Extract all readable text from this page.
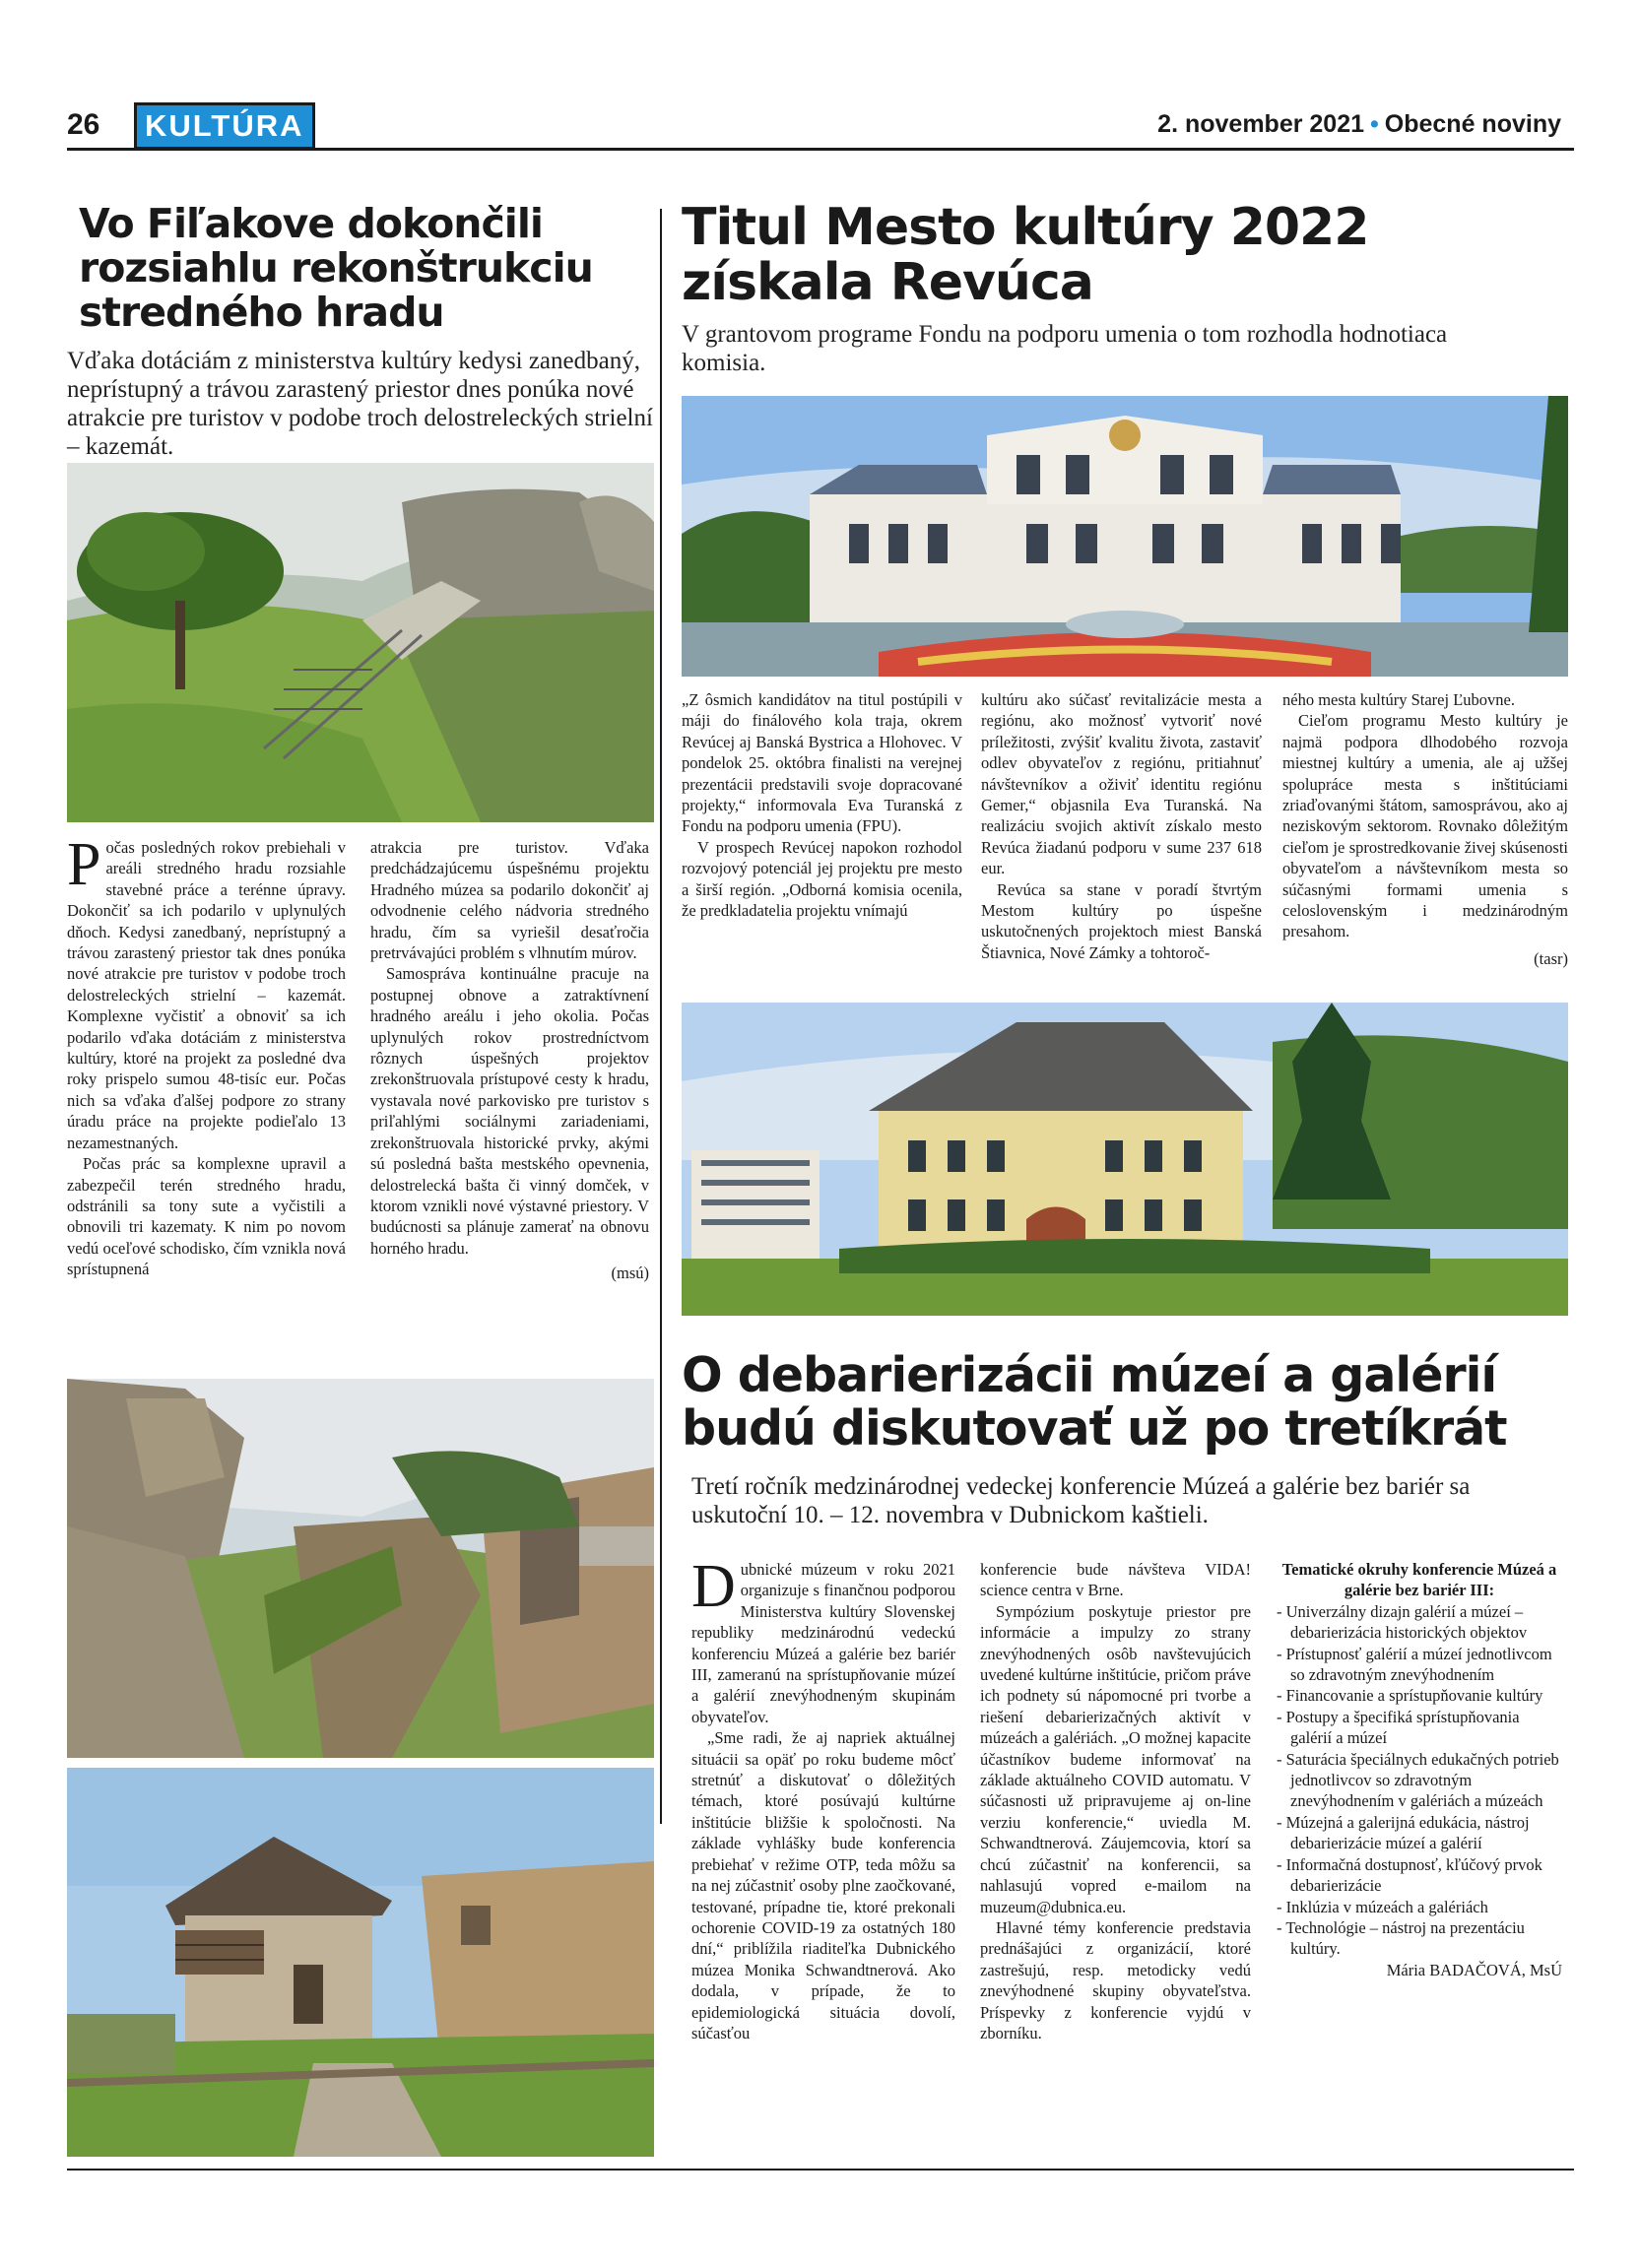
26	KULTÚRA	2. november 2021 • Obecné noviny
Vo Fiľakove dokončili rozsiahlu rekonštrukciu stredného hradu
Vďaka dotáciám z ministerstva kultúry kedysi zanedbaný, neprístupný a trávou zarastený priestor dnes ponúka nové atrakcie pre turistov v podobe troch delostreleckých strielní – kazemát.

Počas posledných rokov prebiehali v areáli stredného hradu rozsiahle stavebné práce a terénne úpravy. Dokončiť sa ich podarilo v uplynulých dňoch. Kedysi zanedbaný, neprístupný a trávou zarastený priestor tak dnes ponúka nové atrakcie pre turistov v podobe troch delostreleckých strielní – kazemát. Komplexne vyčistiť a obnoviť sa ich podarilo vďaka dotáciám z ministerstva kultúry, ktoré na projekt za posledné dva roky prispelo sumou 48-tisíc eur. Počas nich sa vďaka ďalšej podpore zo strany úradu práce na projekte podieľalo 13 nezamestnaných.

Počas prác sa komplexne upravil a zabezpečil terén stredného hradu, odstránili sa tony sute a vyčistili a obnovili tri kazematy. K nim po novom vedú oceľové schodisko, čím vznikla nová sprístupnená

atrakcia pre turistov. Vďaka predchádzajúcemu úspešnému projektu Hradného múzea sa podarilo dokončiť aj odvodnenie celého nádvoria stredného hradu, čím sa vyriešil desaťročia pretrvávajúci problém s vlhnutím múrov.

Samospráva kontinuálne pracuje na postupnej obnove a zatraktívnení hradného areálu i jeho okolia. Počas uplynulých rokov prostredníctvom rôznych úspešných projektov zrekonštruovala prístupové cesty k hradu, vystavala nové parkovisko pre turistov s priľahlými sociálnymi zariadeniami, zrekonštruovala historické prvky, akými sú posledná bašta mestského opevnenia, delostrelecká bašta či vinný domček, v ktorom vznikli nové výstavné priestory. V budúcnosti sa plánuje zamerať na obnovu horného hradu.

(msú)
Titul Mesto kultúry 2022 získala Revúca
V grantovom programe Fondu na podporu umenia o tom rozhodla hodnotiaca komisia.

„Z ôsmich kandidátov na titul postúpili v máji do finálového kola traja, okrem Revúcej aj Banská Bystrica a Hlohovec. V pondelok 25. októbra finalisti na verejnej prezentácii predstavili svoje dopracované projekty,“ informovala Eva Turanská z Fondu na podporu umenia (FPU).

V prospech Revúcej napokon rozhodol rozvojový potenciál jej projektu pre mesto a širší región. „Odborná komisia ocenila, že predkladatelia projektu vnímajú

kultúru ako súčasť revitalizácie mesta a regiónu, ako možnosť vytvoriť nové príležitosti, zvýšiť kvalitu života, zastaviť odlev obyvateľov z regiónu, pritiahnuť návštevníkov a oživiť identitu regiónu Gemer,“ objasnila Eva Turanská. Na realizáciu svojich aktivít získalo mesto Revúca žiadanú podporu v sume 237 618 eur.

Revúca sa stane v poradí štvrtým Mestom kultúry po úspešne uskutočnených projektoch miest Banská Štiavnica, Nové Zámky a tohtoroč-

ného mesta kultúry Starej Ľubovne.

Cieľom programu Mesto kultúry je najmä podpora dlhodobého rozvoja miestnej kultúry a umenia, ale aj užšej spolupráce mesta s inštitúciami zriaďovanými štátom, samosprávou, ako aj neziskovým sektorom. Rovnako dôležitým cieľom je sprostredkovanie živej skúsenosti obyvateľom a návštevníkom mesta so súčasnými formami umenia s celoslovenským i medzinárodným presahom.

(tasr)
O debarierizácii múzeí a galérií budú diskutovať už po tretíkrát
Tretí ročník medzinárodnej vedeckej konferencie Múzeá a galérie bez bariér sa uskutoční 10. – 12. novembra v Dubnickom kaštieli.

Dubnické múzeum v roku 2021 organizuje s finančnou podporou Ministerstva kultúry Slovenskej republiky medzinárodnú vedeckú konferenciu Múzeá a galérie bez bariér III, zameranú na sprístupňovanie múzeí a galérií znevýhodneným skupinám obyvateľov.

„Sme radi, že aj napriek aktuálnej situácii sa opäť po roku budeme môcť stretnúť a diskutovať o dôležitých témach, ktoré posúvajú kultúrne inštitúcie bližšie k spoločnosti. Na základe vyhlášky bude konferencia prebiehať v režime OTP, teda môžu sa na nej zúčastniť osoby plne zaočkované, testované, prípadne tie, ktoré prekonali ochorenie COVID-19 za ostatných 180 dní,“ priblížila riaditeľka Dubnického múzea Monika Schwandtnerová. Ako dodala, v prípade, že to epidemiologická situácia dovolí, súčasťou

konferencie bude návšteva VIDA! science centra v Brne.

Sympózium poskytuje priestor pre informácie a impulzy zo strany znevýhodnených osôb navštevujúcich uvedené kultúrne inštitúcie, pričom práve ich podnety sú nápomocné pri tvorbe a riešení debarierizačných aktivít v múzeách a galériách. „O možnej kapacite účastníkov budeme informovať na základe aktuálneho COVID automatu. V súčasnosti už pripravujeme aj on-line verziu konferencie,“ uviedla M. Schwandtnerová. Záujemcovia, ktorí sa chcú zúčastniť na konferencii, sa nahlasujú vopred e-mailom na muzeum@dubnica.eu.

Hlavné témy konferencie predstavia prednášajúci z organizácií, ktoré zastrešujú, resp. metodicky vedú znevýhodnené skupiny obyvateľstva. Príspevky z konferencie vyjdú v zborníku.

Tematické okruhy konferencie Múzeá a galérie bez bariér III:
- Univerzálny dizajn galérií a múzeí – debarierizácia historických objektov
- Prístupnosť galérií a múzeí jednotlivcom so zdravotným znevýhodnením
- Financovanie a sprístupňovanie kultúry
- Postupy a špecifiká sprístupňovania galérií a múzeí
- Saturácia špeciálnych edukačných potrieb jednotlivcov so zdravotným znevýhodnením v galériách a múzeách
- Múzejná a galerijná edukácia, nástroj debarierizácie múzeí a galérií
- Informačná dostupnosť, kľúčový prvok debarierizácie
- Inklúzia v múzeách a galériách
- Technológie – nástroj na prezentáciu kultúry.
Mária BADAČOVÁ, MsÚ
